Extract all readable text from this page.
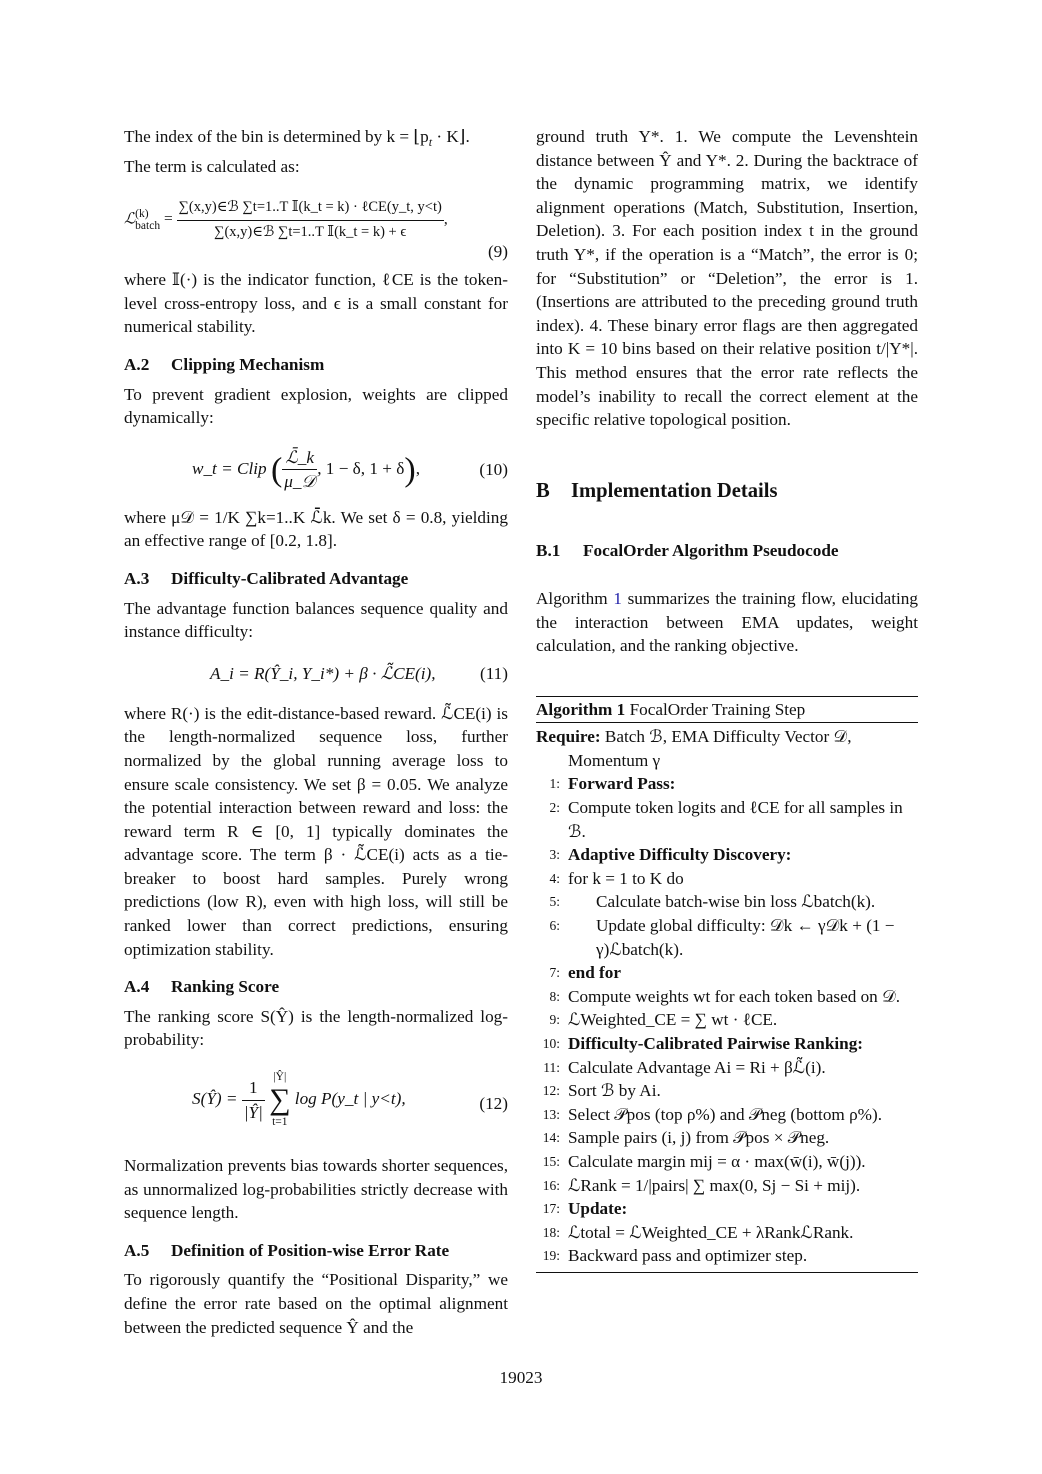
The index of the bin is determined by $k = ⌊p_t$ · K⌋.
The term is calculated as:

ℒ(k)
batch = $\frac{\text{∑(x,y)∈ℬ ∑t=1..T 𝕀(k\_t = k) · ℓCE(y\_t, y<t)}}{\text{∑(x,y)∈ℬ ∑t=1..T 𝕀(k\_t = k) + ϵ}}$ ,
(9)

where 𝕀(·) is the indicator function, ℓCE is the token-level cross-entropy loss, and ϵ is a small constant for numerical stability.

A.2 Clipping Mechanism

To prevent gradient explosion, weights are clipped dynamically:

w_t = Clip ( $\frac{\text{ℒ̄\_k}}{\text{μ\_𝒟}}$ , 1 − δ, 1 + δ),	(10)

where μ𝒟 = 1/K ∑k=1..K ℒ̄k. We set δ = 0.8, yielding an effective range of [0.2, 1.8].

A.3 Difficulty-Calibrated Advantage

The advantage function balances sequence quality and instance difficulty:

A_i = R(Ŷ_i, Y_i*) + β · ℒ̃CE(i),	(11)

where R(·) is the edit-distance-based reward. ℒ̃CE(i) is the length-normalized sequence loss, further normalized by the global running average loss to ensure scale consistency. We set β = 0.05. We analyze the potential interaction between reward and loss: the reward term R ∈ [0, 1] typically dominates the advantage score. The term β · ℒ̃CE(i) acts as a tie-breaker to boost hard samples. Purely wrong predictions (low R), even with high loss, will still be ranked lower than correct predictions, ensuring optimization stability.

A.4 Ranking Score

The ranking score S(Ŷ) is the length-normalized log-probability:

S(Ŷ) = $\frac{1}{|Ŷ|}$
|Ŷ|
∑
t=1
log P(y_t | y<t),	(12)

Normalization prevents bias towards shorter sequences, as unnormalized log-probabilities strictly decrease with sequence length.

A.5 Definition of Position-wise Error Rate

To rigorously quantify the “Positional Disparity,” we define the error rate based on the optimal alignment between the predicted sequence Ŷ and the

ground truth Y*. 1. We compute the Levenshtein distance between Ŷ and Y*. 2. During the backtrace of the dynamic programming matrix, we identify alignment operations (Match, Substitution, Insertion, Deletion). 3. For each position index t in the ground truth Y*, if the operation is a “Match”, the error is 0; for “Substitution” or “Deletion”, the error is 1. (Insertions are attributed to the preceding ground truth index). 4. These binary error flags are then aggregated into K = 10 bins based on their relative position t/|Y*|. This method ensures that the error rate reflects the model’s inability to recall the correct element at the specific relative topological position.

B Implementation Details
B.1 FocalOrder Algorithm Pseudocode

Algorithm 1 summarizes the training flow, elucidating the interaction between EMA updates, weight calculation, and the ranking objective.

Algorithm 1 FocalOrder Training Step
Require: Batch ℬ, EMA Difficulty Vector 𝒟, Momentum γ
1: Forward Pass:
2: Compute token logits and ℓCE for all samples in ℬ.
3: Adaptive Difficulty Discovery:
4: for k = 1 to K do
5: Calculate batch-wise bin loss ℒbatch(k).
6: Update global difficulty: 𝒟k ← γ𝒟k + (1 − γ)ℒbatch(k).
7: end for
8: Compute weights wt for each token based on 𝒟.
9: ℒWeighted_CE = ∑ wt · ℓCE.
10: Difficulty-Calibrated Pairwise Ranking:
11: Calculate Advantage Ai = Ri + βℒ̃(i).
12: Sort ℬ by Ai.
13: Select 𝒫pos (top ρ%) and 𝒫neg (bottom ρ%).
14: Sample pairs (i, j) from 𝒫pos × 𝒫neg.
15: Calculate margin mij = α · max(w̄(i), w̄(j)).
16: ℒRank = 1/|pairs| ∑ max(0, Sj − Si + mij).
17: Update:
18: ℒtotal = ℒWeighted_CE + λRankℒRank.
19: Backward pass and optimizer step.
19023
